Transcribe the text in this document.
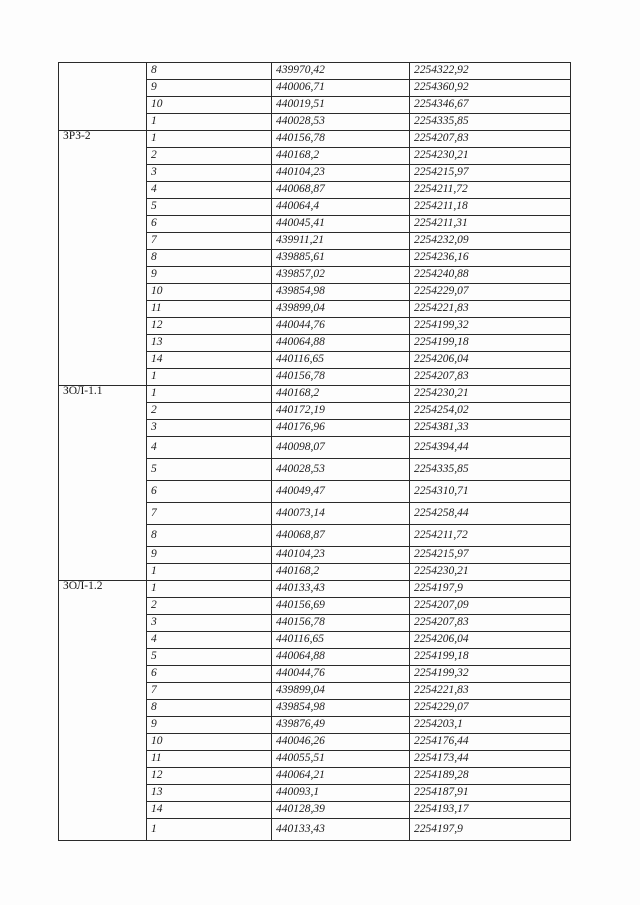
	8	439970,42	2254322,92
	9	440006,71	2254360,92
	10	440019,51	2254346,67
	1	440028,53	2254335,85
ЗРЗ-2	1	440156,78	2254207,83
	2	440168,2	2254230,21
	3	440104,23	2254215,97
	4	440068,87	2254211,72
	5	440064,4	2254211,18
	6	440045,41	2254211,31
	7	439911,21	2254232,09
	8	439885,61	2254236,16
	9	439857,02	2254240,88
	10	439854,98	2254229,07
	11	439899,04	2254221,83
	12	440044,76	2254199,32
	13	440064,88	2254199,18
	14	440116,65	2254206,04
	1	440156,78	2254207,83
ЗОЛ-1.1	1	440168,2	2254230,21
	2	440172,19	2254254,02
	3	440176,96	2254381,33
	4	440098,07	2254394,44
	5	440028,53	2254335,85
	6	440049,47	2254310,71
	7	440073,14	2254258,44
	8	440068,87	2254211,72
	9	440104,23	2254215,97
	1	440168,2	2254230,21
ЗОЛ-1.2	1	440133,43	2254197,9
	2	440156,69	2254207,09
	3	440156,78	2254207,83
	4	440116,65	2254206,04
	5	440064,88	2254199,18
	6	440044,76	2254199,32
	7	439899,04	2254221,83
	8	439854,98	2254229,07
	9	439876,49	2254203,1
	10	440046,26	2254176,44
	11	440055,51	2254173,44
	12	440064,21	2254189,28
	13	440093,1	2254187,91
	14	440128,39	2254193,17
	1	440133,43	2254197,9
